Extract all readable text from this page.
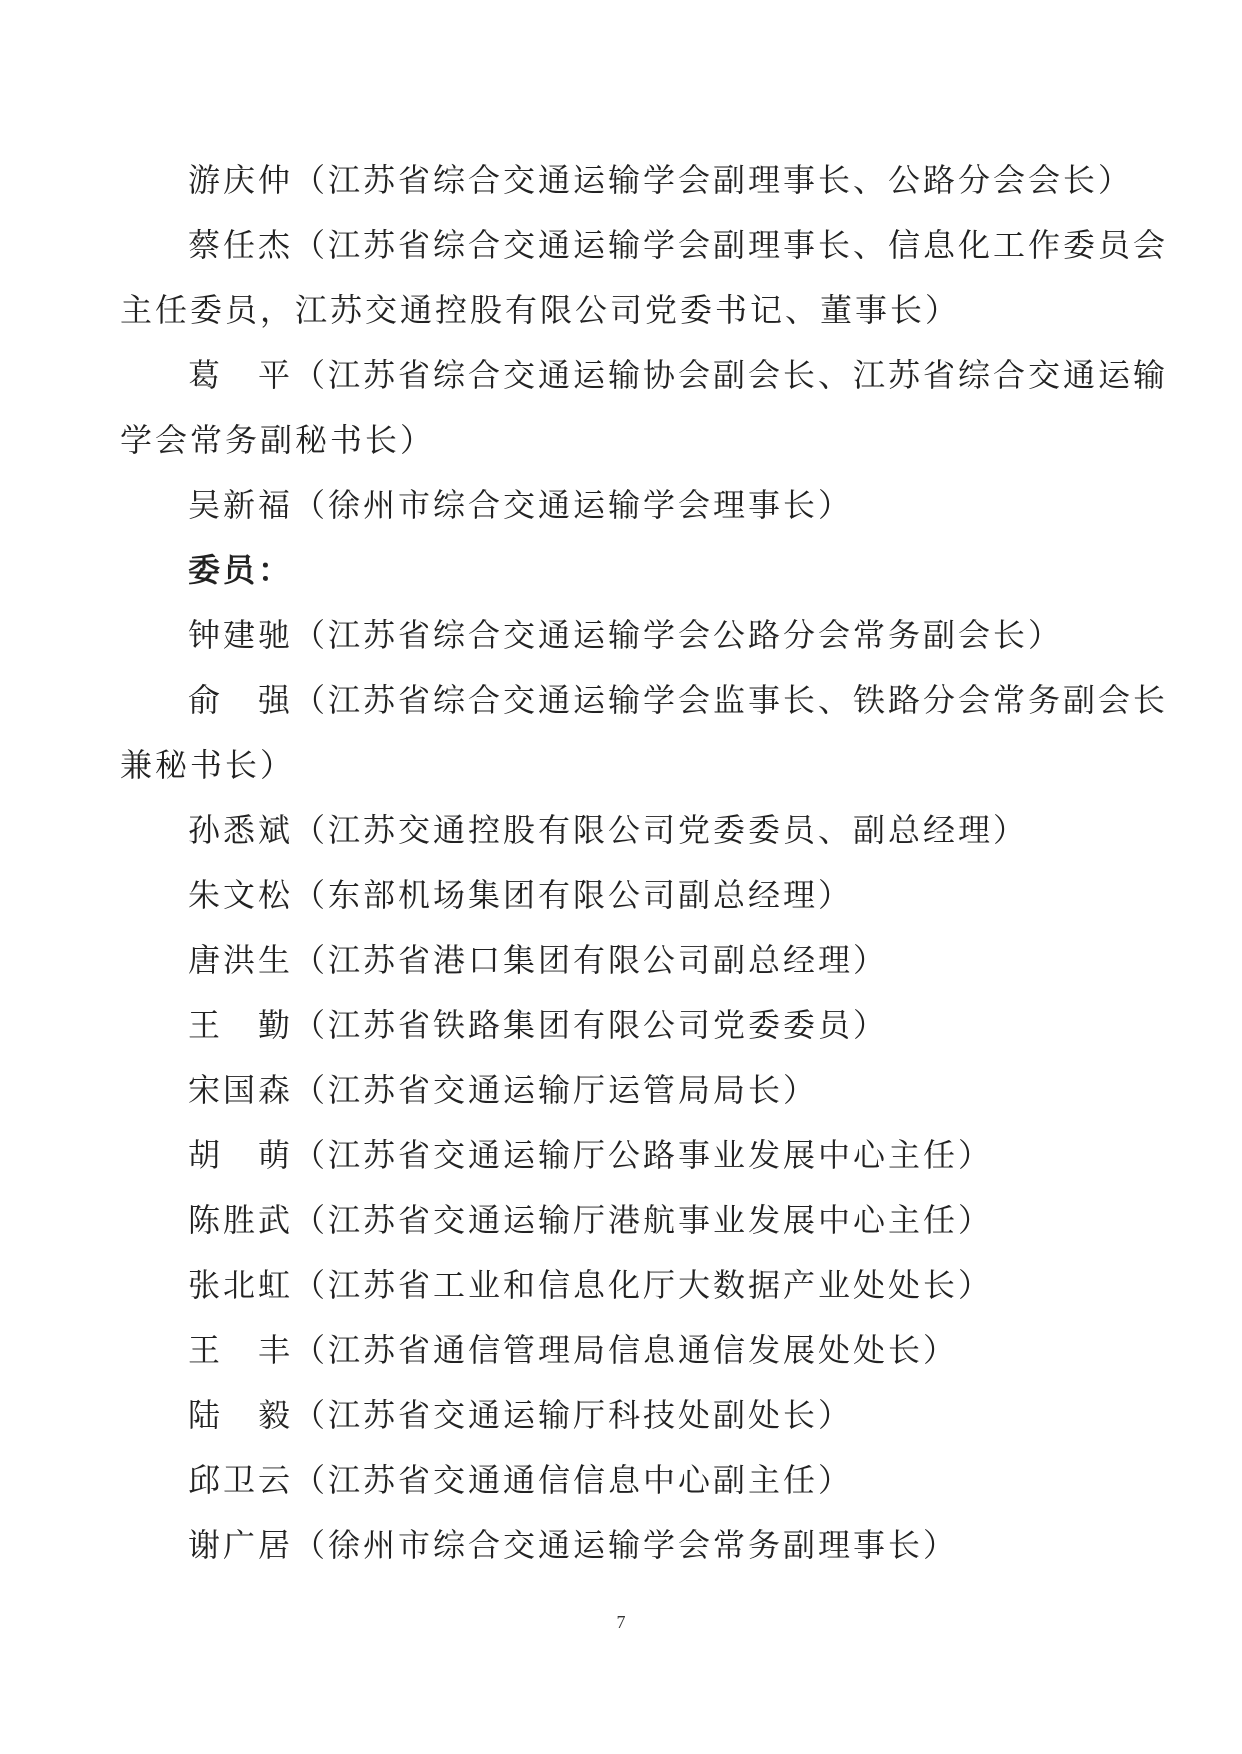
游庆仲（江苏省综合交通运输学会副理事长、公路分会会长）
蔡任杰（江苏省综合交通运输学会副理事长、信息化工作委员会
主任委员，江苏交通控股有限公司党委书记、董事长）
葛　平（江苏省综合交通运输协会副会长、江苏省综合交通运输
学会常务副秘书长）
吴新福（徐州市综合交通运输学会理事长）
委员：
钟建驰（江苏省综合交通运输学会公路分会常务副会长）
俞　强（江苏省综合交通运输学会监事长、铁路分会常务副会长
兼秘书长）
孙悉斌（江苏交通控股有限公司党委委员、副总经理）
朱文松（东部机场集团有限公司副总经理）
唐洪生（江苏省港口集团有限公司副总经理）
王　勤（江苏省铁路集团有限公司党委委员）
宋国森（江苏省交通运输厅运管局局长）
胡　萌（江苏省交通运输厅公路事业发展中心主任）
陈胜武（江苏省交通运输厅港航事业发展中心主任）
张北虹（江苏省工业和信息化厅大数据产业处处长）
王　丰（江苏省通信管理局信息通信发展处处长）
陆　毅（江苏省交通运输厅科技处副处长）
邱卫云（江苏省交通通信信息中心副主任）
谢广居（徐州市综合交通运输学会常务副理事长）
7
